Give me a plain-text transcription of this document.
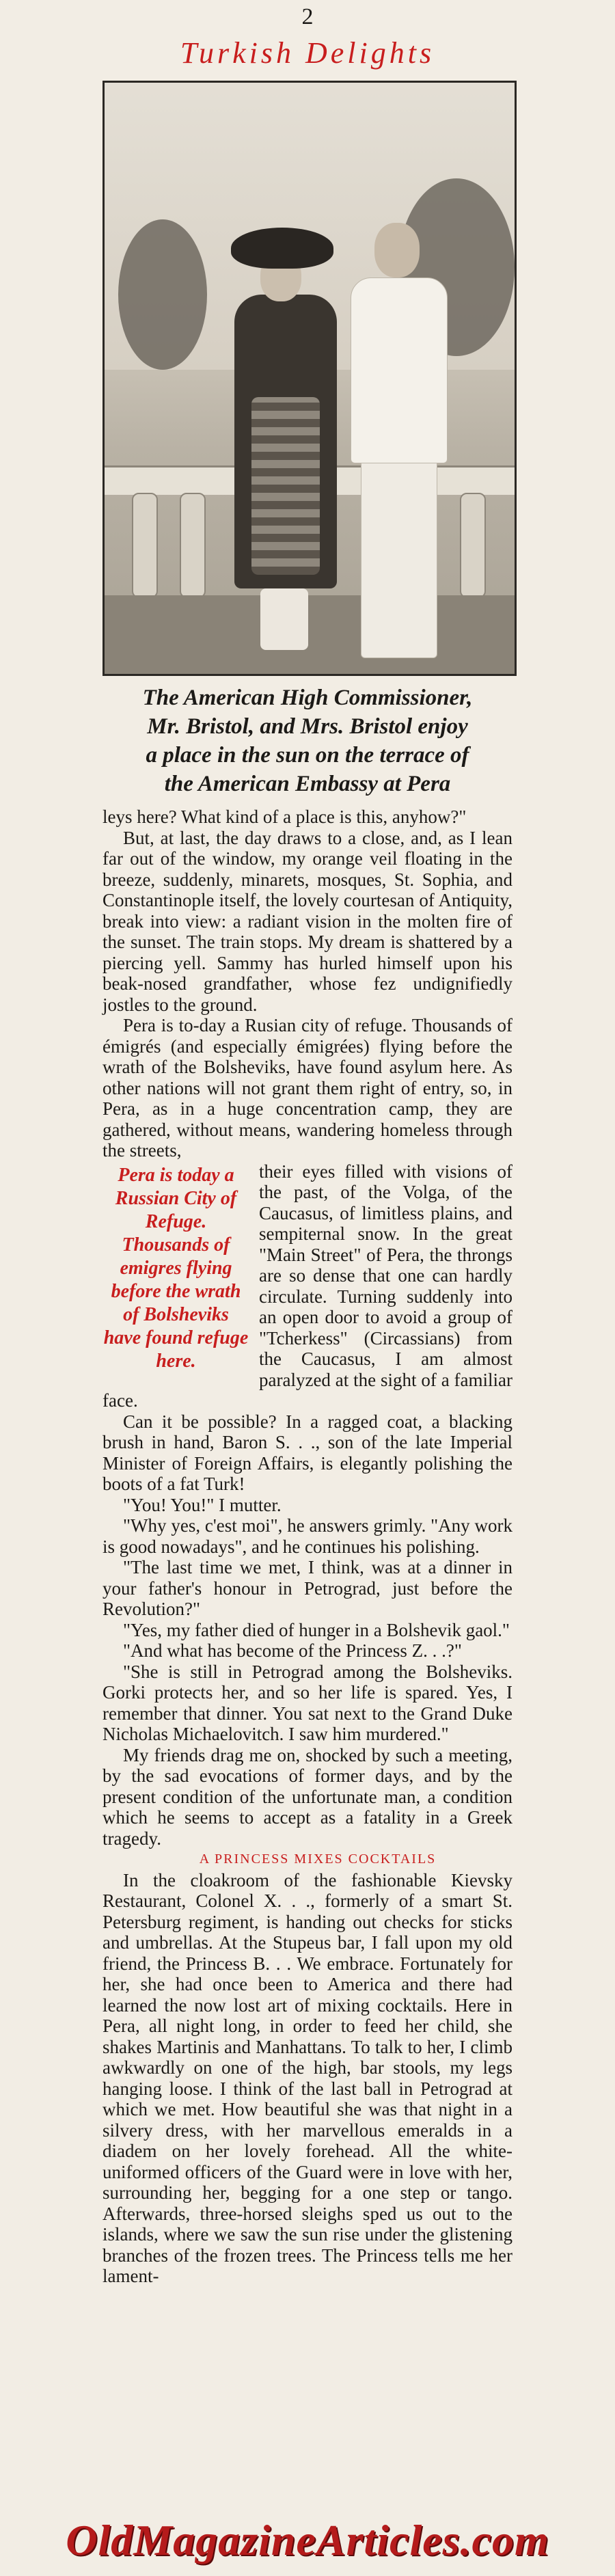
2
Turkish Delights
The American High Commissioner,
Mr. Bristol, and Mrs. Bristol enjoy
a place in the sun on the terrace of
the American Embassy at Pera

leys here? What kind of a place is this, anyhow?"

But, at last, the day draws to a close, and, as I lean far out of the window, my orange veil floating in the breeze, suddenly, minarets, mosques, St. Sophia, and Constantinople itself, the lovely courtesan of Antiquity, break into view: a radiant vision in the molten fire of the sunset. The train stops. My dream is shattered by a piercing yell. Sammy has hurled himself upon his beak-nosed grandfather, whose fez undignifiedly jostles to the ground.

Pera is to-day a Rusian city of refuge. Thousands of émigrés (and especially émigrées) flying before the wrath of the Bolsheviks, have found asylum here. As other nations will not grant them right of entry, so, in Pera, as in a huge concentration camp, they are gathered, without means, wandering homeless through the streets,

Pera is today a Russian City of Refuge. Thousands of emigres flying before the wrath of Bolsheviks have found refuge here.

their eyes filled with visions of the past, of the Volga, of the Caucasus, of limitless plains, and sempiternal snow. In the great "Main Street" of Pera, the throngs are so dense that one can hardly circulate. Turning suddenly into an open door to avoid a group of "Tcherkess" (Circassians) from the Caucasus, I am almost paralyzed at the sight of a familiar face.

Can it be possible? In a ragged coat, a blacking brush in hand, Baron S. . ., son of the late Imperial Minister of Foreign Affairs, is elegantly polishing the boots of a fat Turk!

"You! You!" I mutter.

"Why yes, c'est moi", he answers grimly. "Any work is good nowadays", and he continues his polishing.

"The last time we met, I think, was at a dinner in your father's honour in Petrograd, just before the Revolution?"

"Yes, my father died of hunger in a Bolshevik gaol."

"And what has become of the Princess Z. . .?"

"She is still in Petrograd among the Bolsheviks. Gorki protects her, and so her life is spared. Yes, I remember that dinner. You sat next to the Grand Duke Nicholas Michaelovitch. I saw him murdered."

My friends drag me on, shocked by such a meeting, by the sad evocations of former days, and by the present condition of the unfortunate man, a condition which he seems to accept as a fatality in a Greek tragedy.

A PRINCESS MIXES COCKTAILS

In the cloakroom of the fashionable Kievsky Restaurant, Colonel X. . ., formerly of a smart St. Petersburg regiment, is handing out checks for sticks and umbrellas. At the Stupeus bar, I fall upon my old friend, the Princess B. . . We embrace. Fortunately for her, she had once been to America and there had learned the now lost art of mixing cocktails. Here in Pera, all night long, in order to feed her child, she shakes Martinis and Manhattans. To talk to her, I climb awkwardly on one of the high, bar stools, my legs hanging loose. I think of the last ball in Petrograd at which we met. How beautiful she was that night in a silvery dress, with her marvellous emeralds in a diadem on her lovely forehead. All the white-uniformed officers of the Guard were in love with her, surrounding her, begging for a one step or tango. Afterwards, three-horsed sleighs sped us out to the islands, where we saw the sun rise under the glistening branches of the frozen trees. The Princess tells me her lament-

OldMagazineArticles.com
